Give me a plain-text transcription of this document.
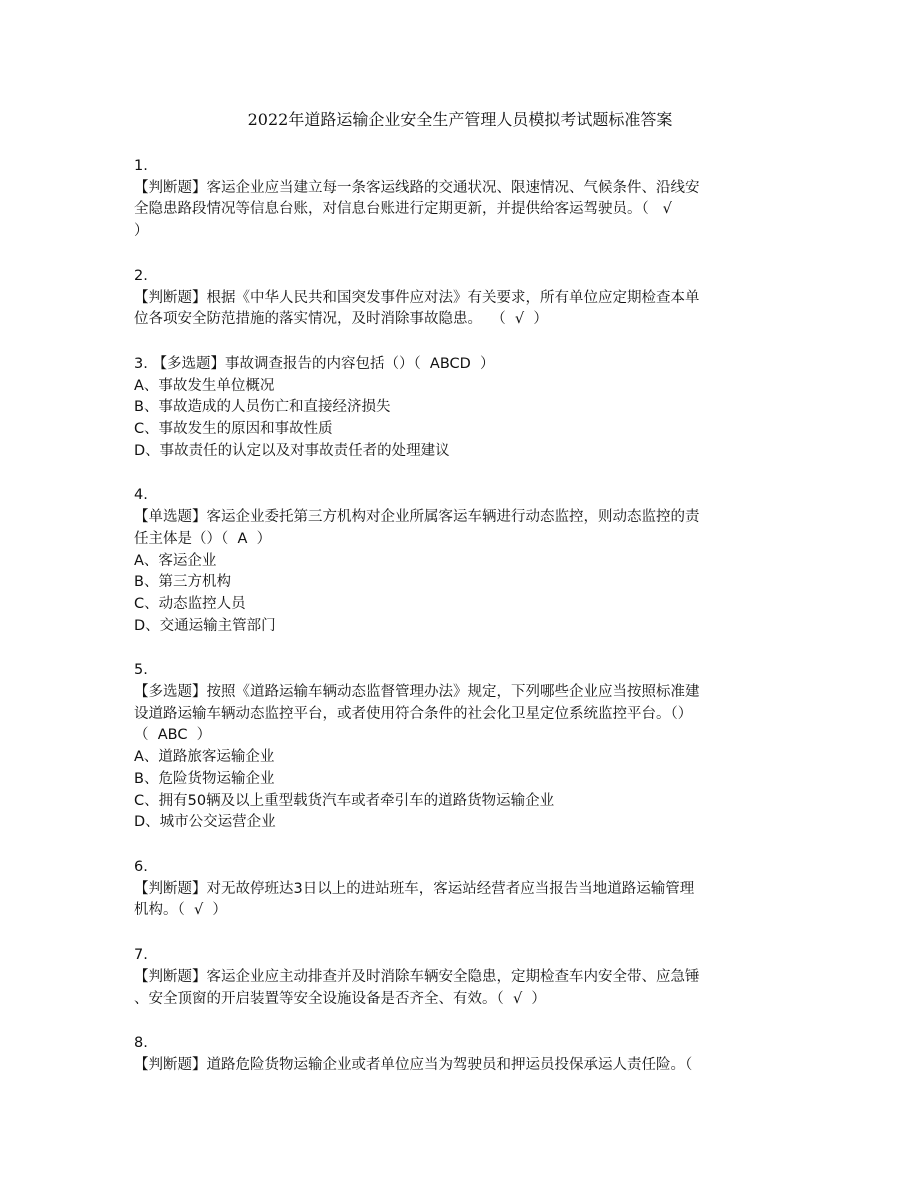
2022年道路运输企业安全生产管理人员模拟考试题标准答案
1.
【判断题】客运企业应当建立每一条客运线路的交通状况、限速情况、气候条件、沿线安
全隐患路段情况等信息台账，对信息台账进行定期更新，并提供给客运驾驶员。（   √
）
2.
【判断题】根据《中华人民共和国突发事件应对法》有关要求，所有单位应定期检查本单
位各项安全防范措施的落实情况，及时消除事故隐患。  （  √  ）
3. 【多选题】事故调查报告的内容包括（）（  ABCD  ）
A、事故发生单位概况
B、事故造成的人员伤亡和直接经济损失
C、事故发生的原因和事故性质
D、事故责任的认定以及对事故责任者的处理建议
4.
【单选题】客运企业委托第三方机构对企业所属客运车辆进行动态监控，则动态监控的责
任主体是（）（  A  ）
A、客运企业
B、第三方机构
C、动态监控人员
D、交通运输主管部门
5.
【多选题】按照《道路运输车辆动态监督管理办法》规定，下列哪些企业应当按照标准建
设道路运输车辆动态监控平台，或者使用符合条件的社会化卫星定位系统监控平台。（）
（  ABC  ）
A、道路旅客运输企业
B、危险货物运输企业
C、拥有50辆及以上重型载货汽车或者牵引车的道路货物运输企业
D、城市公交运营企业
6.
【判断题】对无故停班达3日以上的进站班车，客运站经营者应当报告当地道路运输管理
机构。（  √  ）
7.
【判断题】客运企业应主动排查并及时消除车辆安全隐患，定期检查车内安全带、应急锤
、安全顶窗的开启装置等安全设施设备是否齐全、有效。（  √  ）
8.
【判断题】道路危险货物运输企业或者单位应当为驾驶员和押运员投保承运人责任险。（
